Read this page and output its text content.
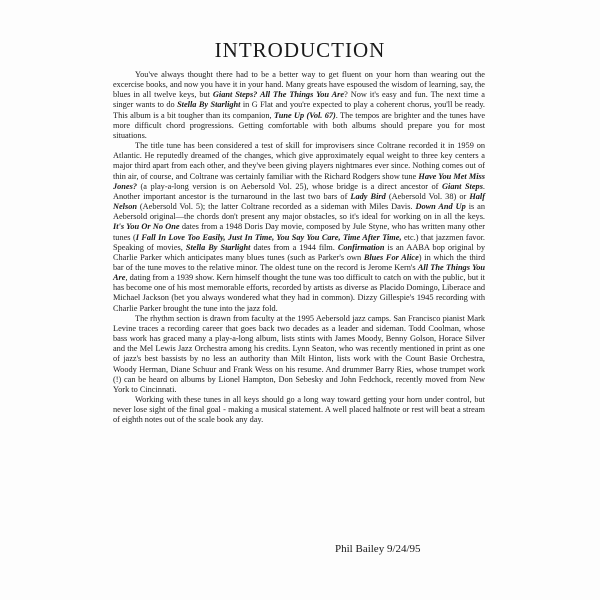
INTRODUCTION

You've always thought there had to be a better way to get fluent on your horn than wearing out the excercise books, and now you have it in your hand. Many greats have espoused the wisdom of learning, say, the blues in all twelve keys, but Giant Steps? All The Things You Are? Now it's easy and fun. The next time a singer wants to do Stella By Starlight in G Flat and you're expected to play a coherent chorus, you'll be ready. This album is a bit tougher than its companion, Tune Up (Vol. 67). The tempos are brighter and the tunes have more difficult chord progressions. Getting comfortable with both albums should prepare you for most situations.

The title tune has been considered a test of skill for improvisers since Coltrane recorded it in 1959 on Atlantic. He reputedly dreamed of the changes, which give approximately equal weight to three key centers a major third apart from each other, and they've been giving players nightmares ever since. Nothing comes out of thin air, of course, and Coltrane was certainly familiar with the Richard Rodgers show tune Have You Met Miss Jones? (a play-a-long version is on Aebersold Vol. 25), whose bridge is a direct ancestor of Giant Steps. Another important ancestor is the turnaround in the last two bars of Lady Bird (Aebersold Vol. 38) or Half Nelson (Aebersold Vol. 5); the latter Coltrane recorded as a sideman with Miles Davis. Down And Up is an Aebersold original—the chords don't present any major obstacles, so it's ideal for working on in all the keys. It's You Or No One dates from a 1948 Doris Day movie, composed by Jule Styne, who has written many other tunes (I Fall In Love Too Easily, Just In Time, You Say You Care, Time After Time, etc.) that jazzmen favor. Speaking of movies, Stella By Starlight dates from a 1944 film. Confirmation is an AABA bop original by Charlie Parker which anticipates many blues tunes (such as Parker's own Blues For Alice) in which the third bar of the tune moves to the relative minor. The oldest tune on the record is Jerome Kern's All The Things You Are, dating from a 1939 show. Kern himself thought the tune was too difficult to catch on with the public, but it has become one of his most memorable efforts, recorded by artists as diverse as Placido Domingo, Liberace and Michael Jackson (bet you always wondered what they had in common). Dizzy Gillespie's 1945 recording with Charlie Parker brought the tune into the jazz fold.

The rhythm section is drawn from faculty at the 1995 Aebersold jazz camps. San Francisco pianist Mark Levine traces a recording career that goes back two decades as a leader and sideman. Todd Coolman, whose bass work has graced many a play-a-long album, lists stints with James Moody, Benny Golson, Horace Silver and the Mel Lewis Jazz Orchestra among his credits. Lynn Seaton, who was recently mentioned in print as one of jazz's best bassists by no less an authority than Milt Hinton, lists work with the Count Basie Orchestra, Woody Herman, Diane Schuur and Frank Wess on his resume. And drummer Barry Ries, whose trumpet work (!) can be heard on albums by Lionel Hampton, Don Sebesky and John Fedchock, recently moved from New York to Cincinnati.

Working with these tunes in all keys should go a long way toward getting your horn under control, but never lose sight of the final goal - making a musical statement. A well placed halfnote or rest will beat a stream of eighth notes out of the scale book any day.

Phil Bailey 9/24/95
